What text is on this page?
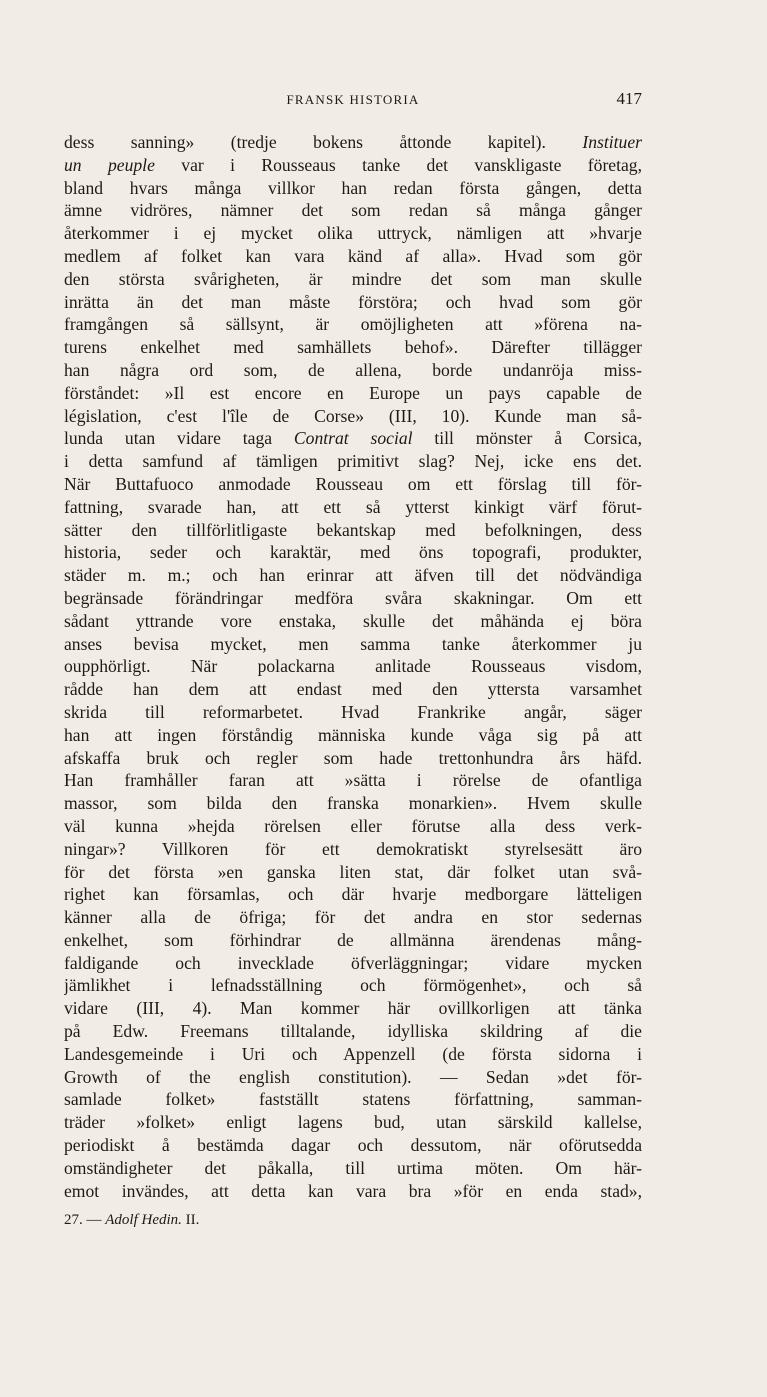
FRANSK HISTORIA	417
dess sanning» (tredje bokens åttonde kapitel). Instituer
un peuple var i Rousseaus tanke det vanskligaste företag,
bland hvars många villkor han redan första gången, detta
ämne vidröres, nämner det som redan så många gånger
återkommer i ej mycket olika uttryck, nämligen att »hvarje
medlem af folket kan vara känd af alla». Hvad som gör
den största svårigheten, är mindre det som man skulle
inrätta än det man måste förstöra; och hvad som gör
framgången så sällsynt, är omöjligheten att »förena na-
turens enkelhet med samhällets behof». Därefter tillägger
han några ord som, de allena, borde undanröja miss-
förståndet: »Il est encore en Europe un pays capable de
législation, c'est l'île de Corse» (III, 10). Kunde man så-
lunda utan vidare taga Contrat social till mönster å Corsica,
i detta samfund af tämligen primitivt slag? Nej, icke ens det.
När Buttafuoco anmodade Rousseau om ett förslag till för-
fattning, svarade han, att ett så ytterst kinkigt värf förut-
sätter den tillförlitligaste bekantskap med befolkningen, dess
historia, seder och karaktär, med öns topografi, produkter,
städer m. m.; och han erinrar att äfven till det nödvändiga
begränsade förändringar medföra svåra skakningar. Om ett
sådant yttrande vore enstaka, skulle det måhända ej böra
anses bevisa mycket, men samma tanke återkommer ju
oupphörligt. När polackarna anlitade Rousseaus visdom,
rådde han dem att endast med den yttersta varsamhet
skrida till reformarbetet. Hvad Frankrike angår, säger
han att ingen förståndig människa kunde våga sig på att
afskaffa bruk och regler som hade trettonhundra års häfd.
Han framhåller faran att »sätta i rörelse de ofantliga
massor, som bilda den franska monarkien». Hvem skulle
väl kunna »hejda rörelsen eller förutse alla dess verk-
ningar»? Villkoren för ett demokratiskt styrelsesätt äro
för det första »en ganska liten stat, där folket utan svå-
righet kan församlas, och där hvarje medborgare lätteligen
känner alla de öfriga; för det andra en stor sedernas
enkelhet, som förhindrar de allmänna ärendenas mång-
faldigande och invecklade öfverläggningar; vidare mycken
jämlikhet i lefnadsställning och förmögenhet», och så
vidare (III, 4). Man kommer här ovillkorligen att tänka
på Edw. Freemans tilltalande, idylliska skildring af die
Landesgemeinde i Uri och Appenzell (de första sidorna i
Growth of the english constitution). — Sedan »det för-
samlade folket» fastställt statens författning, samman-
träder »folket» enligt lagens bud, utan särskild kallelse,
periodiskt å bestämda dagar och dessutom, när oförutsedda
omständigheter det påkalla, till urtima möten. Om här-
emot invändes, att detta kan vara bra »för en enda stad»,
27. — Adolf Hedin. II.
